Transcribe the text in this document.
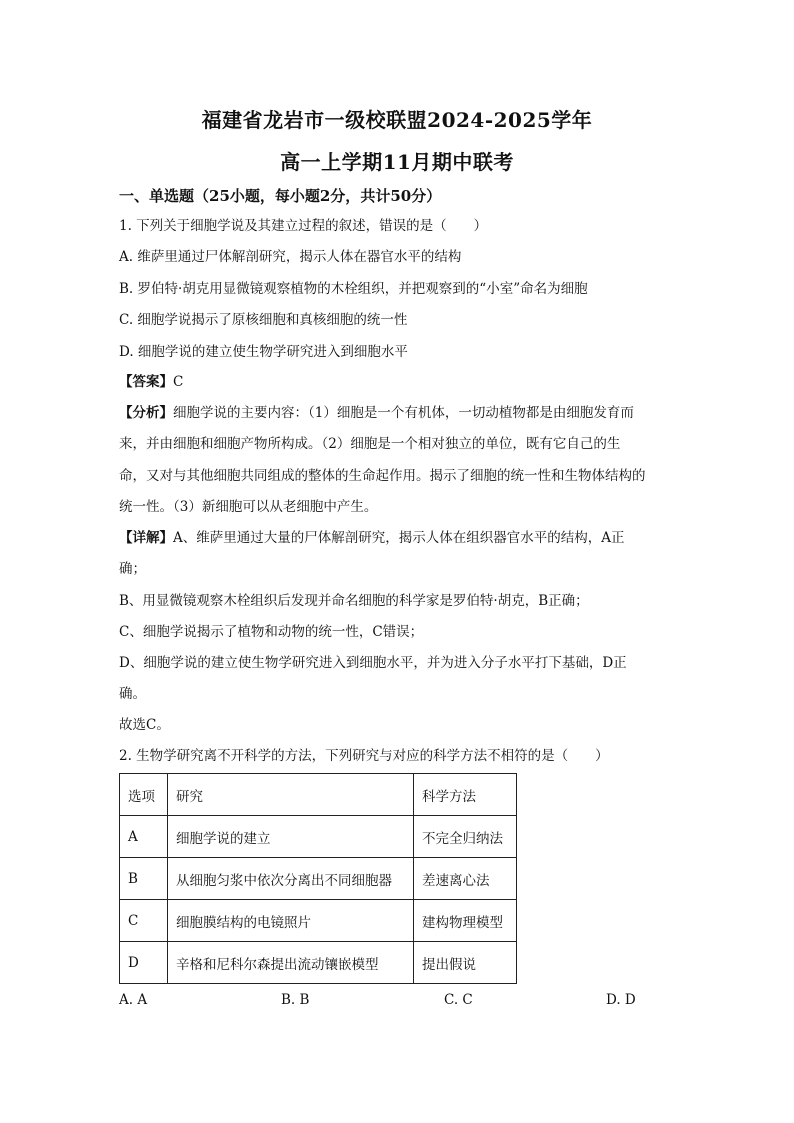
福建省龙岩市一级校联盟2024-2025学年
高一上学期11月期中联考
一、单选题（25小题，每小题2分，共计50分）
1. 下列关于细胞学说及其建立过程的叙述，错误的是（　　）
A. 维萨里通过尸体解剖研究，揭示人体在器官水平的结构
B. 罗伯特·胡克用显微镜观察植物的木栓组织，并把观察到的“小室”命名为细胞
C. 细胞学说揭示了原核细胞和真核细胞的统一性
D. 细胞学说的建立使生物学研究进入到细胞水平
【答案】C
【分析】细胞学说的主要内容：（1）细胞是一个有机体，一切动植物都是由细胞发育而
来，并由细胞和细胞产物所构成。（2）细胞是一个相对独立的单位，既有它自己的生
命，又对与其他细胞共同组成的整体的生命起作用。揭示了细胞的统一性和生物体结构的
统一性。（3）新细胞可以从老细胞中产生。
【详解】A、维萨里通过大量的尸体解剖研究，揭示人体在组织器官水平的结构，A正
确；
B、用显微镜观察木栓组织后发现并命名细胞的科学家是罗伯特·胡克，B正确；
C、细胞学说揭示了植物和动物的统一性，C错误；
D、细胞学说的建立使生物学研究进入到细胞水平，并为进入分子水平打下基础，D正
确。
故选C。
2. 生物学研究离不开科学的方法，下列研究与对应的科学方法不相符的是（　　）
选项	研究	科学方法
A	细胞学说的建立	不完全归纳法
B	从细胞匀浆中依次分离出不同细胞器	差速离心法
C	细胞膜结构的电镜照片	建构物理模型
D	辛格和尼科尔森提出流动镶嵌模型	提出假说
A. A	B. B	C. C	D. D
